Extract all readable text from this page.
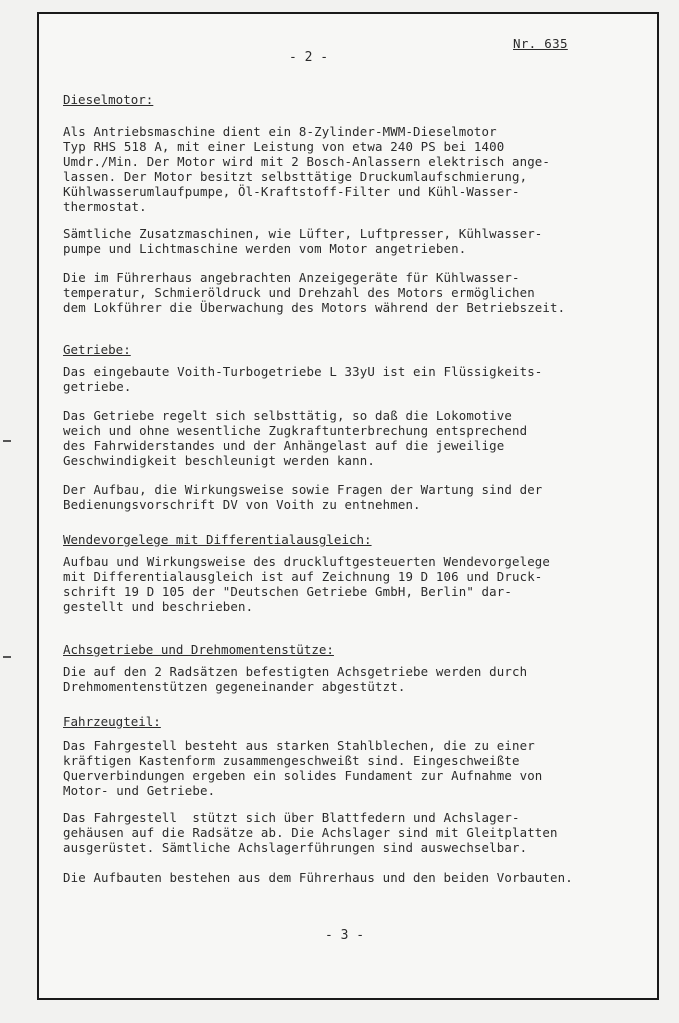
Nr. 635
- 2 -
Dieselmotor:
Als Antriebsmaschine dient ein 8-Zylinder-MWM-Dieselmotor
Typ RHS 518 A, mit einer Leistung von etwa 240 PS bei 1400
Umdr./Min. Der Motor wird mit 2 Bosch-Anlassern elektrisch ange-
lassen. Der Motor besitzt selbsttätige Druckumlaufschmierung,
Kühlwasserumlaufpumpe, Öl-Kraftstoff-Filter und Kühl-Wasser-
thermostat.
Sämtliche Zusatzmaschinen, wie Lüfter, Luftpresser, Kühlwasser-
pumpe und Lichtmaschine werden vom Motor angetrieben.
Die im Führerhaus angebrachten Anzeigegeräte für Kühlwasser-
temperatur, Schmieröldruck und Drehzahl des Motors ermöglichen
dem Lokführer die Überwachung des Motors während der Betriebszeit.
Getriebe:
Das eingebaute Voith-Turbogetriebe L 33yU ist ein Flüssigkeits-
getriebe.
Das Getriebe regelt sich selbsttätig, so daß die Lokomotive
weich und ohne wesentliche Zugkraftunterbrechung entsprechend
des Fahrwiderstandes und der Anhängelast auf die jeweilige
Geschwindigkeit beschleunigt werden kann.
Der Aufbau, die Wirkungsweise sowie Fragen der Wartung sind der
Bedienungsvorschrift DV von Voith zu entnehmen.
Wendevorgelege mit Differentialausgleich:
Aufbau und Wirkungsweise des druckluftgesteuerten Wendevorgelege
mit Differentialausgleich ist auf Zeichnung 19 D 106 und Druck-
schrift 19 D 105 der "Deutschen Getriebe GmbH, Berlin" dar-
gestellt und beschrieben.
Achsgetriebe und Drehmomentenstütze:
Die auf den 2 Radsätzen befestigten Achsgetriebe werden durch
Drehmomentenstützen gegeneinander abgestützt.
Fahrzeugteil:
Das Fahrgestell besteht aus starken Stahlblechen, die zu einer
kräftigen Kastenform zusammengeschweißt sind. Eingeschweißte
Querverbindungen ergeben ein solides Fundament zur Aufnahme von
Motor- und Getriebe.
Das Fahrgestell  stützt sich über Blattfedern und Achslager-
gehäusen auf die Radsätze ab. Die Achslager sind mit Gleitplatten
ausgerüstet. Sämtliche Achslagerführungen sind auswechselbar.
Die Aufbauten bestehen aus dem Führerhaus und den beiden Vorbauten.
- 3 -
